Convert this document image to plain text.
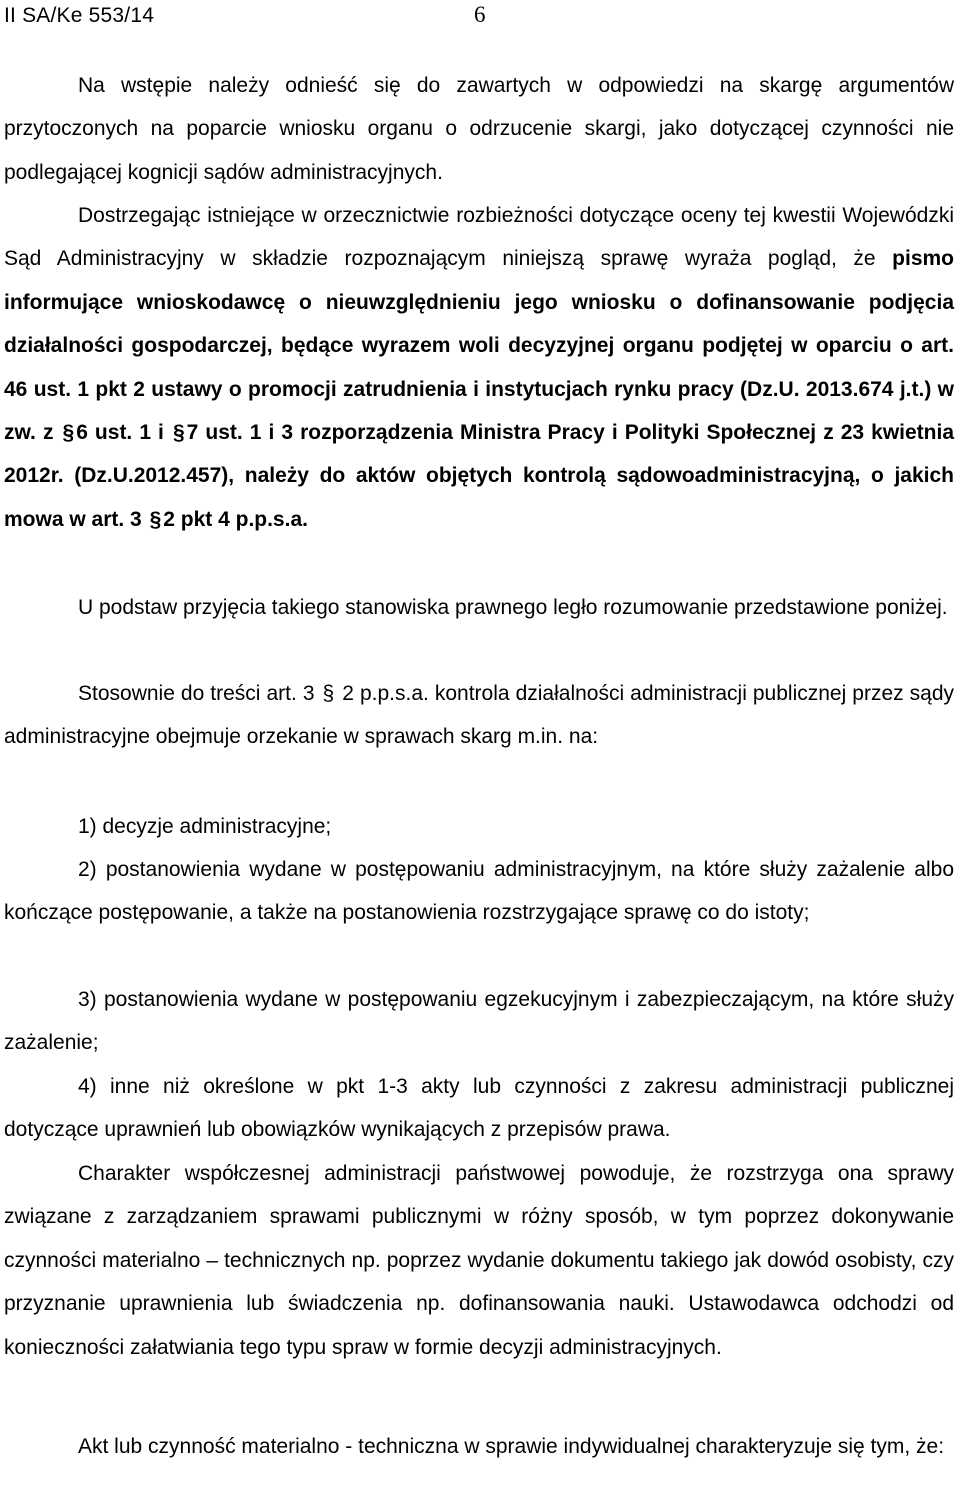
II SA/Ke 553/14	6

Na wstępie należy odnieść się do zawartych w odpowiedzi na skargę argumentów przytoczonych na poparcie wniosku organu o odrzucenie skargi, jako dotyczącej czynności nie podlegającej kognicji sądów administracyjnych.

Dostrzegając istniejące w orzecznictwie rozbieżności dotyczące oceny tej kwestii Wojewódzki Sąd Administracyjny w składzie rozpoznającym niniejszą sprawę wyraża pogląd, że pismo informujące wnioskodawcę o nieuwzględnieniu jego wniosku o dofinansowanie podjęcia działalności gospodarczej, będące wyrazem woli decyzyjnej organu podjętej w oparciu o art. 46 ust. 1 pkt 2 ustawy o promocji zatrudnienia i instytucjach rynku pracy (Dz.U. 2013.674 j.t.) w zw. z §6 ust. 1 i §7 ust. 1 i 3 rozporządzenia Ministra Pracy i Polityki Społecznej z 23 kwietnia 2012r. (Dz.U.2012.457), należy do aktów objętych kontrolą sądowoadministracyjną, o jakich mowa w art. 3 §2 pkt 4 p.p.s.a.

U podstaw przyjęcia takiego stanowiska prawnego legło rozumowanie przedstawione poniżej.

Stosownie do treści art. 3 § 2 p.p.s.a. kontrola działalności administracji publicznej przez sądy administracyjne obejmuje orzekanie w sprawach skarg m.in. na:

1) decyzje administracyjne;

2) postanowienia wydane w postępowaniu administracyjnym, na które służy zażalenie albo kończące postępowanie, a także na postanowienia rozstrzygające sprawę co do istoty;

3) postanowienia wydane w postępowaniu egzekucyjnym i zabezpieczającym, na które służy zażalenie;

4) inne niż określone w pkt 1-3 akty lub czynności z zakresu administracji publicznej dotyczące uprawnień lub obowiązków wynikających z przepisów prawa.

Charakter współczesnej administracji państwowej powoduje, że rozstrzyga ona sprawy związane z zarządzaniem sprawami publicznymi w różny sposób, w tym poprzez dokonywanie czynności materialno – technicznych np. poprzez wydanie dokumentu takiego jak dowód osobisty, czy przyznanie uprawnienia lub świadczenia np. dofinansowania nauki. Ustawodawca odchodzi od konieczności załatwiania tego typu spraw w formie decyzji administracyjnych.

Akt lub czynność materialno - techniczna w sprawie indywidualnej charakteryzuje się tym, że:
